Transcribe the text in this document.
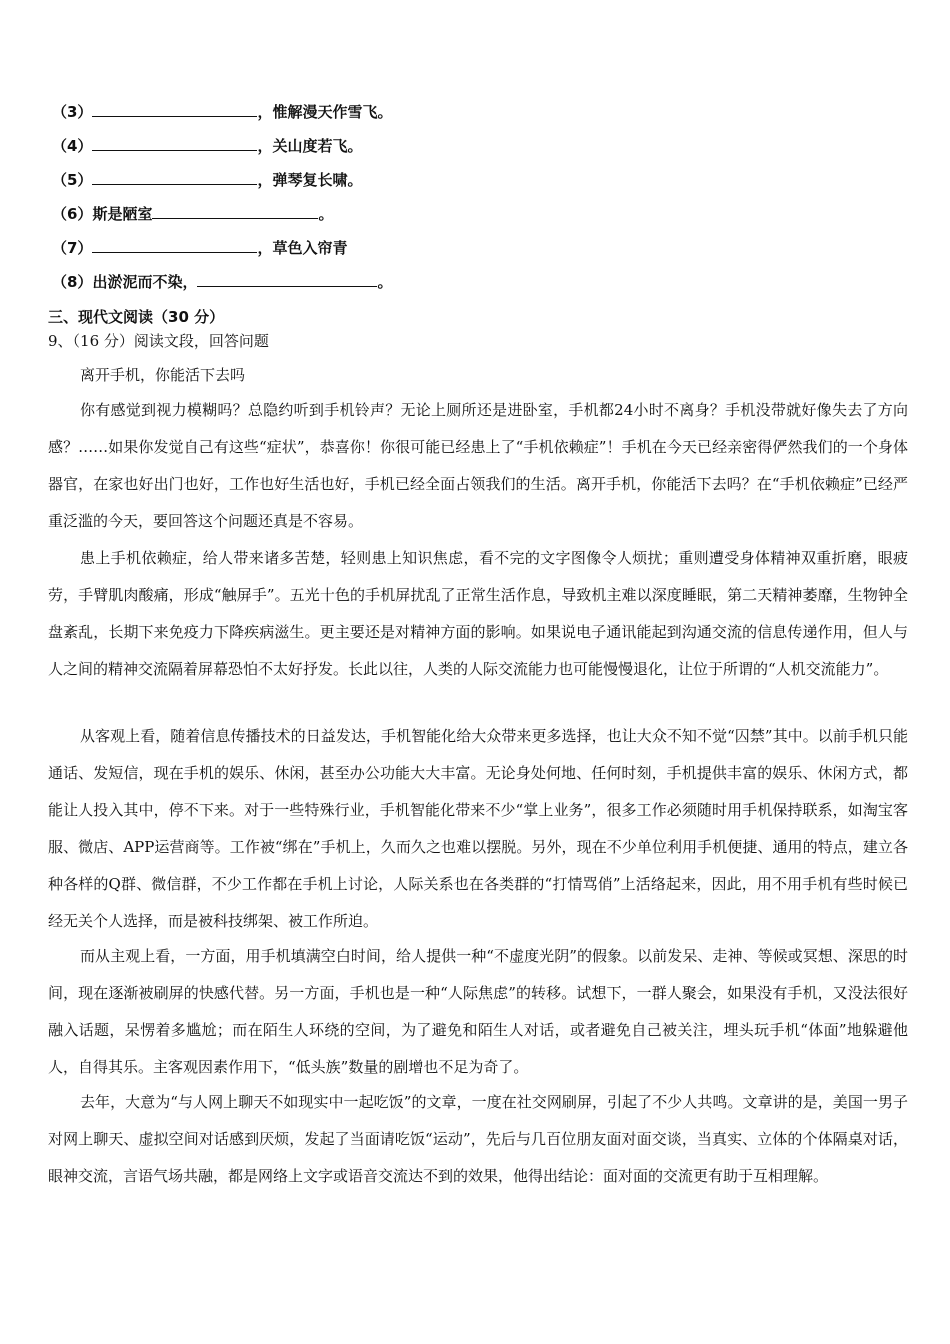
（3）	，惟解漫天作雪飞。
（4）	，关山度若飞。
（5）	，弹琴复长啸。
（6）斯是陋室	。
（7）	，草色入帘青
（8）出淤泥而不染，	。
三、现代文阅读（30 分）
9、（16 分）阅读文段，回答问题
离开手机，你能活下去吗

你有感觉到视力模糊吗？总隐约听到手机铃声？无论上厕所还是进卧室，手机都24小时不离身？手机没带就好像失去了方向感？……如果你发觉自己有这些“症状”，恭喜你！你很可能已经患上了“手机依赖症”！手机在今天已经亲密得俨然我们的一个身体器官，在家也好出门也好，工作也好生活也好，手机已经全面占领我们的生活。离开手机，你能活下去吗？在“手机依赖症”已经严重泛滥的今天，要回答这个问题还真是不容易。

患上手机依赖症，给人带来诸多苦楚，轻则患上知识焦虑，看不完的文字图像令人烦扰；重则遭受身体精神双重折磨，眼疲劳，手臂肌肉酸痛，形成“触屏手”。五光十色的手机屏扰乱了正常生活作息，导致机主难以深度睡眠，第二天精神萎靡，生物钟全盘紊乱，长期下来免疫力下降疾病滋生。更主要还是对精神方面的影响。如果说电子通讯能起到沟通交流的信息传递作用，但人与人之间的精神交流隔着屏幕恐怕不太好抒发。长此以往，人类的人际交流能力也可能慢慢退化，让位于所谓的“人机交流能力”。

从客观上看，随着信息传播技术的日益发达，手机智能化给大众带来更多选择，也让大众不知不觉“囚禁”其中。以前手机只能通话、发短信，现在手机的娱乐、休闲，甚至办公功能大大丰富。无论身处何地、任何时刻，手机提供丰富的娱乐、休闲方式，都能让人投入其中，停不下来。对于一些特殊行业，手机智能化带来不少“掌上业务”，很多工作必须随时用手机保持联系，如淘宝客服、微店、APP运营商等。工作被“绑在”手机上，久而久之也难以摆脱。另外，现在不少单位利用手机便捷、通用的特点，建立各种各样的Q群、微信群，不少工作都在手机上讨论，人际关系也在各类群的“打情骂俏”上活络起来，因此，用不用手机有些时候已经无关个人选择，而是被科技绑架、被工作所迫。

而从主观上看，一方面，用手机填满空白时间，给人提供一种“不虚度光阴”的假象。以前发呆、走神、等候或冥想、深思的时间，现在逐渐被刷屏的快感代替。另一方面，手机也是一种“人际焦虑”的转移。试想下，一群人聚会，如果没有手机，又没法很好融入话题，呆愣着多尴尬；而在陌生人环绕的空间，为了避免和陌生人对话，或者避免自己被关注，埋头玩手机“体面”地躲避他人，自得其乐。主客观因素作用下，“低头族”数量的剧增也不足为奇了。

去年，大意为“与人网上聊天不如现实中一起吃饭”的文章，一度在社交网刷屏，引起了不少人共鸣。文章讲的是，美国一男子对网上聊天、虚拟空间对话感到厌烦，发起了当面请吃饭“运动”，先后与几百位朋友面对面交谈，当真实、立体的个体隔桌对话，眼神交流，言语气场共融，都是网络上文字或语音交流达不到的效果，他得出结论：面对面的交流更有助于互相理解。
